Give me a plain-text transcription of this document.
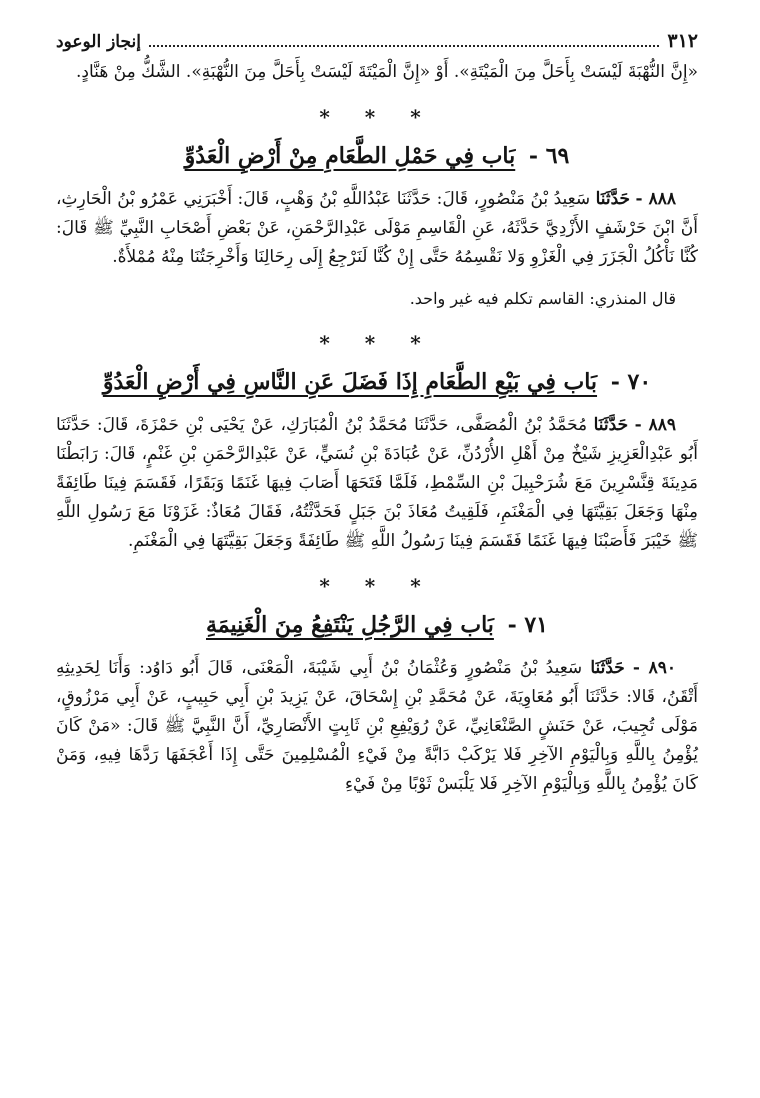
٣١٢
إنجاز الوعود

«إِنَّ النُّهْبَةَ لَيْسَتْ بِأَحَلَّ مِنَ الْمَيْتَةِ». أَوْ «إِنَّ الْمَيْتَةَ لَيْسَتْ بِأَحَلَّ مِنَ النُّهْبَةِ». الشَّكُّ مِنْ هَنَّادٍ.

* * *
٦٩ - بَاب فِي حَمْلِ الطَّعَامِ مِنْ أَرْضِ الْعَدُوِّ

٨٨٨ - حَدَّثَنَا سَعِيدُ بْنُ مَنْصُورٍ، قَالَ: حَدَّثَنَا عَبْدُاللَّهِ بْنُ وَهْبٍ، قَالَ: أَخْبَرَنِي عَمْرُو بْنُ الْحَارِثِ، أَنَّ ابْنَ حَرْشَفٍ الأَزْدِيَّ حَدَّثَهُ، عَنِ الْقَاسِمِ مَوْلَى عَبْدِالرَّحْمَنِ، عَنْ بَعْضِ أَصْحَابِ النَّبِيِّ ﷺ قَالَ: كُنَّا نَأْكُلُ الْجَزَرَ فِي الْغَزْوِ وَلا نَقْسِمُهُ حَتَّى إِنْ كُنَّا لَنَرْجِعُ إِلَى رِحَالِنَا وَأَخْرِجَتُنَا مِنْهُ مُمْلأَةٌ.

قال المنذري: القاسم تكلم فيه غير واحد.

* * *
٧٠ - بَاب فِي بَيْعِ الطَّعَامِ إِذَا فَضَلَ عَنِ النَّاسِ فِي أَرْضِ الْعَدُوِّ

٨٨٩ - حَدَّثَنَا مُحَمَّدُ بْنُ الْمُصَفَّى، حَدَّثَنَا مُحَمَّدُ بْنُ الْمُبَارَكِ، عَنْ يَحْيَى بْنِ حَمْزَةَ، قَالَ: حَدَّثَنَا أَبُو عَبْدِالْعَزِيزِ شَيْخٌ مِنْ أَهْلِ الأُرْدُنِّ، عَنْ عُبَادَةَ بْنِ نُسَيٍّ، عَنْ عَبْدِالرَّحْمَنِ بْنِ غَنْمٍ، قَالَ: رَابَطْنَا مَدِينَةَ قِنَّسْرِينَ مَعَ شُرَحْبِيلَ بْنِ السِّمْطِ، فَلَمَّا فَتَحَهَا أَصَابَ فِيهَا غَنَمًا وَبَقَرًا، فَقَسَمَ فِينَا طَائِفَةً مِنْهَا وَجَعَلَ بَقِيَّتَهَا فِي الْمَغْنَمِ، فَلَقِيتُ مُعَاذَ بْنَ جَبَلٍ فَحَدَّثْتُهُ، فَقَالَ مُعَاذٌ: غَزَوْنَا مَعَ رَسُولِ اللَّهِ ﷺ خَيْبَرَ فَأَصَبْنَا فِيهَا غَنَمًا فَقَسَمَ فِينَا رَسُولُ اللَّهِ ﷺ طَائِفَةً وَجَعَلَ بَقِيَّتَهَا فِي الْمَغْنَمِ.

* * *
٧١ - بَاب فِي الرَّجُلِ يَنْتَفِعُ مِنَ الْغَنِيمَةِ

٨٩٠ - حَدَّثَنَا سَعِيدُ بْنُ مَنْصُورٍ وَعُثْمَانُ بْنُ أَبِي شَيْبَةَ، الْمَعْنَى، قَالَ أَبُو دَاوُد: وَأَنَا لِحَدِيثِهِ أَتْقَنُ، قَالا: حَدَّثَنَا أَبُو مُعَاوِيَةَ، عَنْ مُحَمَّدِ بْنِ إِسْحَاقَ، عَنْ يَزِيدَ بْنِ أَبِي حَبِيبٍ، عَنْ أَبِي مَرْزُوقٍ، مَوْلَى تُجِيبَ، عَنْ حَنَشٍ الصَّنْعَانِيِّ، عَنْ رُوَيْفِعِ بْنِ ثَابِتٍ الأَنْصَارِيِّ، أَنَّ النَّبِيَّ ﷺ قَالَ: «مَنْ كَانَ يُؤْمِنُ بِاللَّهِ وَبِالْيَوْمِ الآخِرِ فَلا يَرْكَبْ دَابَّةً مِنْ فَيْءِ الْمُسْلِمِينَ حَتَّى إِذَا أَعْجَفَهَا رَدَّهَا فِيهِ، وَمَنْ كَانَ يُؤْمِنُ بِاللَّهِ وَبِالْيَوْمِ الآخِرِ فَلا يَلْبَسْ ثَوْبًا مِنْ فَيْءِ
